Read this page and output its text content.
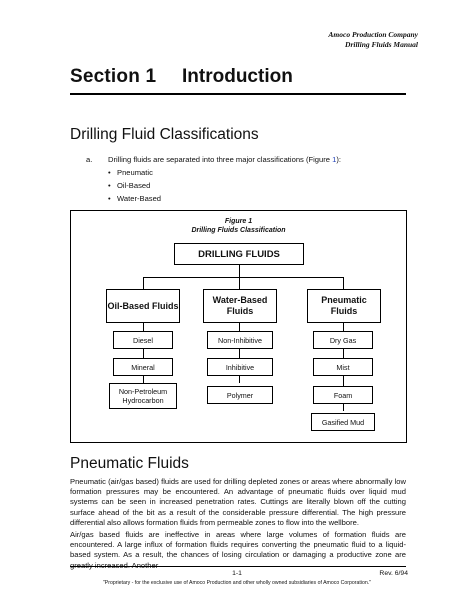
Amoco Production Company
Drilling Fluids Manual
Section 1 Introduction
Drilling Fluid Classifications
a. Drilling fluids are separated into three major classifications (Figure 1):
•   Pneumatic
•   Oil-Based
•   Water-Based
Figure 1
Drilling Fluids Classification
DRILLING FLUIDS
Oil-Based Fluids
Water-Based Fluids
Pneumatic Fluids
Diesel
Mineral
Non-Petroleum Hydrocarbon
Non-Inhibitive
Inhibitive
Polymer
Dry Gas
Mist
Foam
Gasified Mud
Pneumatic Fluids
Pneumatic (air/gas based) fluids are used for drilling depleted zones or areas where abnormally low formation pressures may be encountered. An advantage of pneumatic fluids over liquid mud systems can be seen in increased penetration rates. Cuttings are literally blown off the cutting surface ahead of the bit as a result of the considerable pressure differential. The high pressure differential also allows formation fluids from permeable zones to flow into the wellbore.
Air/gas based fluids are ineffective in areas where large volumes of formation fluids are encountered. A large influx of formation fluids requires converting the pneumatic fluid to a liquid-based system. As a result, the chances of losing circulation or damaging a productive zone are
1-1	Rev. 6/94
"Proprietary - for the exclusive use of Amoco Production and other wholly owned subsidiaries of Amoco Corporation."
